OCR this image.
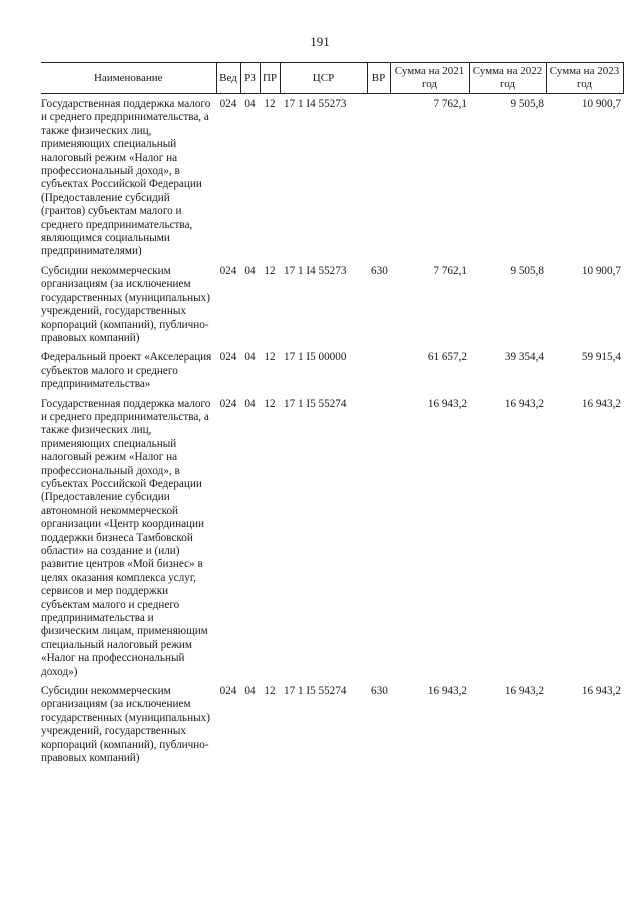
191
Наименование	Вед	РЗ	ПР	ЦСР	ВР	Сумма на 2021 год	Сумма на 2022 год	Сумма на 2023 год
Государственная поддержка малого и среднего предпринимательства, а также физических лиц, применяющих специальный налоговый режим «Налог на профессиональный доход», в субъектах Российской Федерации (Предоставление субсидий (грантов) субъектам малого и среднего предпринимательства, являющимся социальными предпринимателями)	024	04	12	17 1 I4 55273		7 762,1	9 505,8	10 900,7
Субсидии некоммерческим организациям (за исключением государственных (муниципальных) учреждений, государственных корпораций (компаний), публично-правовых компаний)	024	04	12	17 1 I4 55273	630	7 762,1	9 505,8	10 900,7
Федеральный проект «Акселерация субъектов малого и среднего предпринимательства»	024	04	12	17 1 I5 00000		61 657,2	39 354,4	59 915,4
Государственная поддержка малого и среднего предпринимательства, а также физических лиц, применяющих специальный налоговый режим «Налог на профессиональный доход», в субъектах Российской Федерации (Предоставление субсидии автономной некоммерческой организации «Центр координации поддержки бизнеса Тамбовской области» на создание и (или) развитие центров «Мой бизнес» в целях оказания комплекса услуг, сервисов и мер поддержки субъектам малого и среднего предпринимательства и физическим лицам, применяющим специальный налоговый режим «Налог на профессиональный доход»)	024	04	12	17 1 I5 55274		16 943,2	16 943,2	16 943,2
Субсидии некоммерческим организациям (за исключением государственных (муниципальных) учреждений, государственных корпораций (компаний), публично-правовых компаний)	024	04	12	17 1 I5 55274	630	16 943,2	16 943,2	16 943,2
